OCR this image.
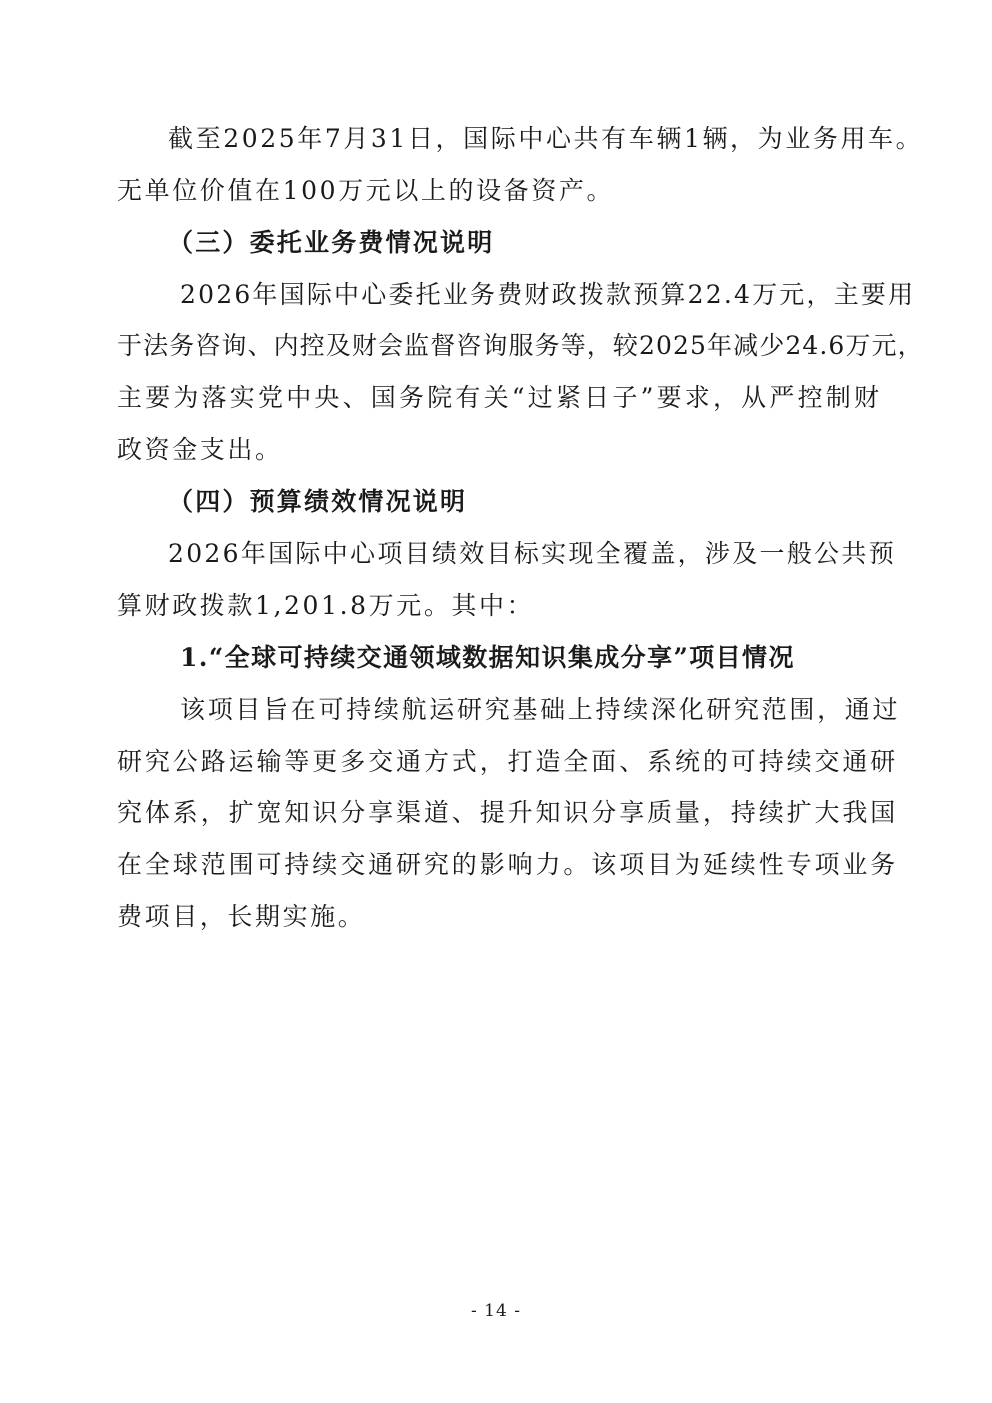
截至2025年7月31日，国际中心共有车辆1辆，为业务用车。
无单位价值在100万元以上的设备资产。
（三）委托业务费情况说明
2026年国际中心委托业务费财政拨款预算22.4万元，主要用
于法务咨询、内控及财会监督咨询服务等，较2025年减少24.6万元，
主要为落实党中央、国务院有关“过紧日子”要求，从严控制财
政资金支出。
（四）预算绩效情况说明
2026年国际中心项目绩效目标实现全覆盖，涉及一般公共预
算财政拨款1,201.8万元。其中：
1.“全球可持续交通领域数据知识集成分享”项目情况
该项目旨在可持续航运研究基础上持续深化研究范围，通过
研究公路运输等更多交通方式，打造全面、系统的可持续交通研
究体系，扩宽知识分享渠道、提升知识分享质量，持续扩大我国
在全球范围可持续交通研究的影响力。该项目为延续性专项业务
费项目，长期实施。
- 14 -
